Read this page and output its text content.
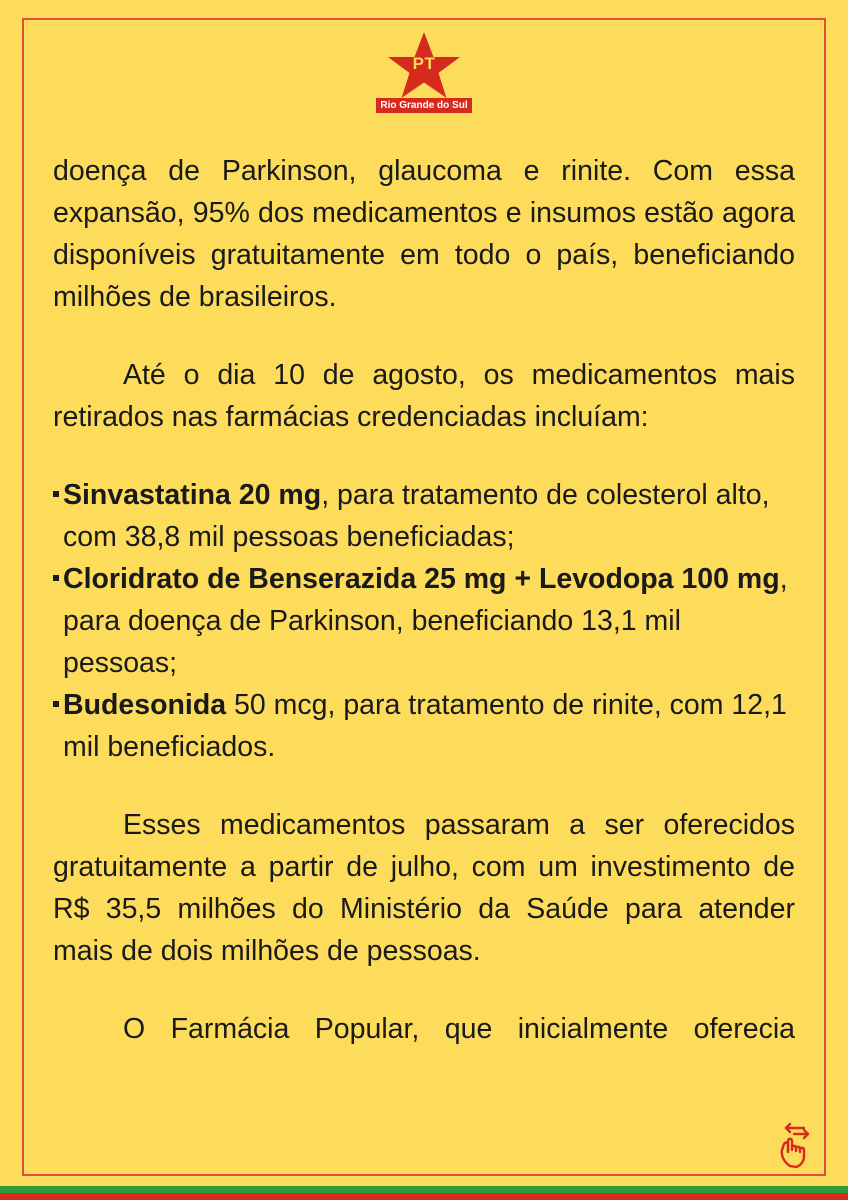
PT
Rio Grande do Sul

doença de Parkinson, glaucoma e rinite. Com essa expansão, 95% dos medicamentos e insumos estão agora disponíveis gratuitamente em todo o país, beneficiando milhões de brasileiros.

Até o dia 10 de agosto, os medicamentos mais retirados nas farmácias credenciadas incluíam:

Sinvastatina 20 mg, para tratamento de colesterol alto, com 38,8 mil pessoas beneficiadas;
Cloridrato de Benserazida 25 mg + Levodopa 100 mg, para doença de Parkinson, beneficiando 13,1 mil pessoas;
Budesonida 50 mcg, para tratamento de rinite, com 12,1 mil beneficiados.

Esses medicamentos passaram a ser oferecidos gratuitamente a partir de julho, com um investimento de R$ 35,5 milhões do Ministério da Saúde para atender mais de dois milhões de pessoas.

O Farmácia Popular, que inicialmente oferecia
